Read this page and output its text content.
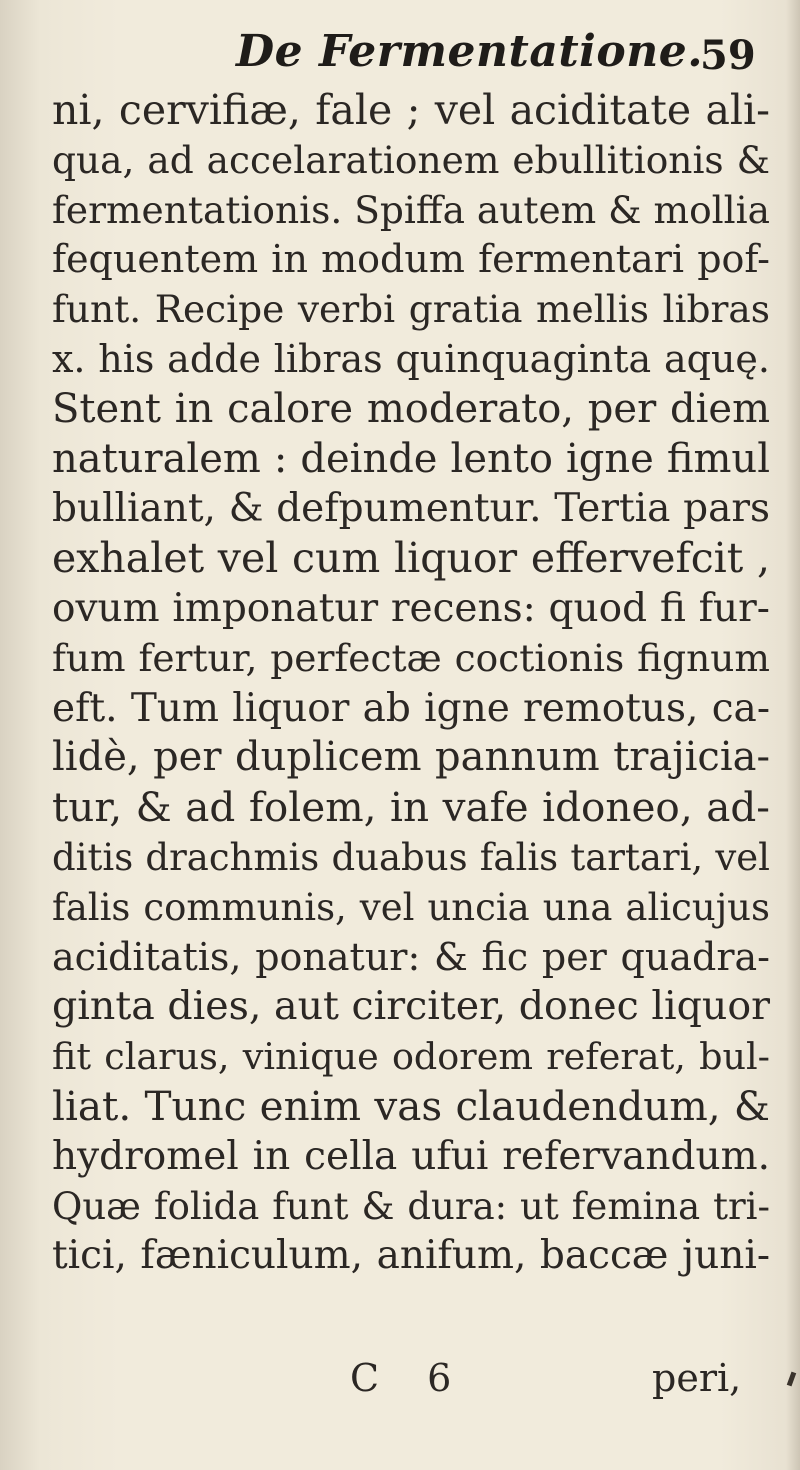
De Fermentatione.
59
ni, cervifiæ, fale ; vel aciditate ali-
qua, ad accelarationem ebullitionis &
fermentationis. Spiffa autem & mollia
fequentem in modum fermentari pof-
funt. Recipe verbi gratia mellis libras
x. his adde libras quinquaginta aquę.
Stent in calore moderato, per diem
naturalem : deinde lento igne fimul
bulliant, & defpumentur. Tertia pars
exhalet vel cum liquor effervefcit ,
ovum imponatur recens: quod fi fur-
fum fertur, perfectæ coctionis fignum
eft. Tum liquor ab igne remotus, ca-
lidè, per duplicem pannum trajicia-
tur, & ad folem, in vafe idoneo, ad-
ditis drachmis duabus falis tartari, vel
falis communis, vel uncia una alicujus
aciditatis, ponatur: & fic per quadra-
ginta dies, aut circiter, donec liquor
fit clarus, vinique odorem referat, bul-
liat. Tunc enim vas claudendum, &
hydromel in cella ufui refervandum.
Quæ folida funt & dura: ut femina tri-
tici, fæniculum, anifum, baccæ juni-
C 6	peri,
